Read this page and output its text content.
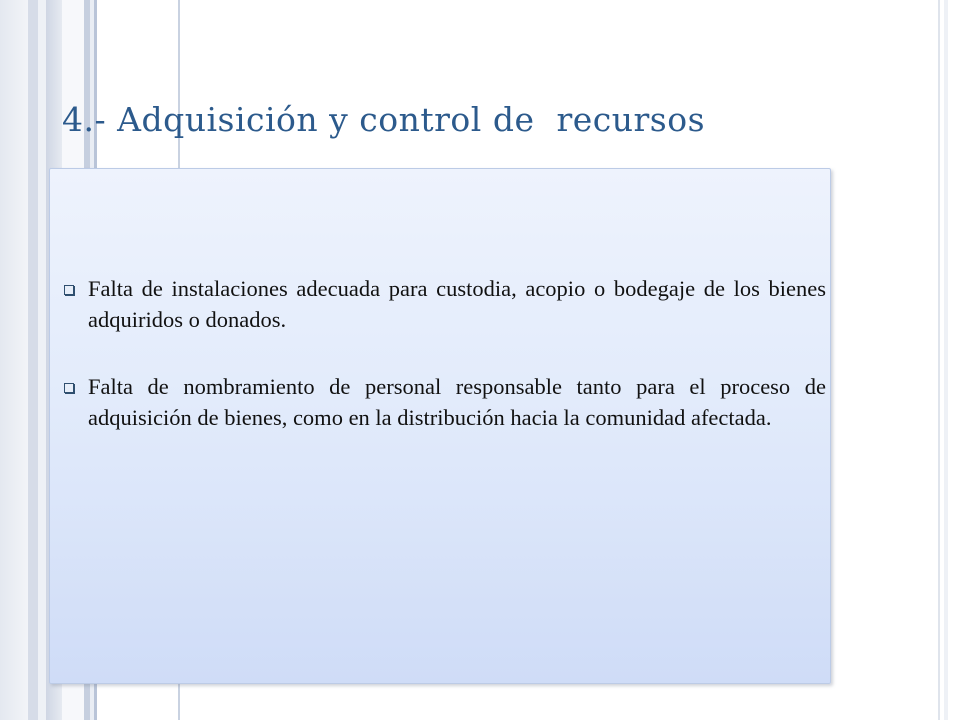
4.- Adquisición y control de  recursos
Falta de instalaciones adecuada para custodia, acopio o bodegaje de los bienes adquiridos o donados.
Falta de nombramiento de personal responsable tanto para el proceso de adquisición de bienes, como en la distribución hacia la comunidad afectada.
